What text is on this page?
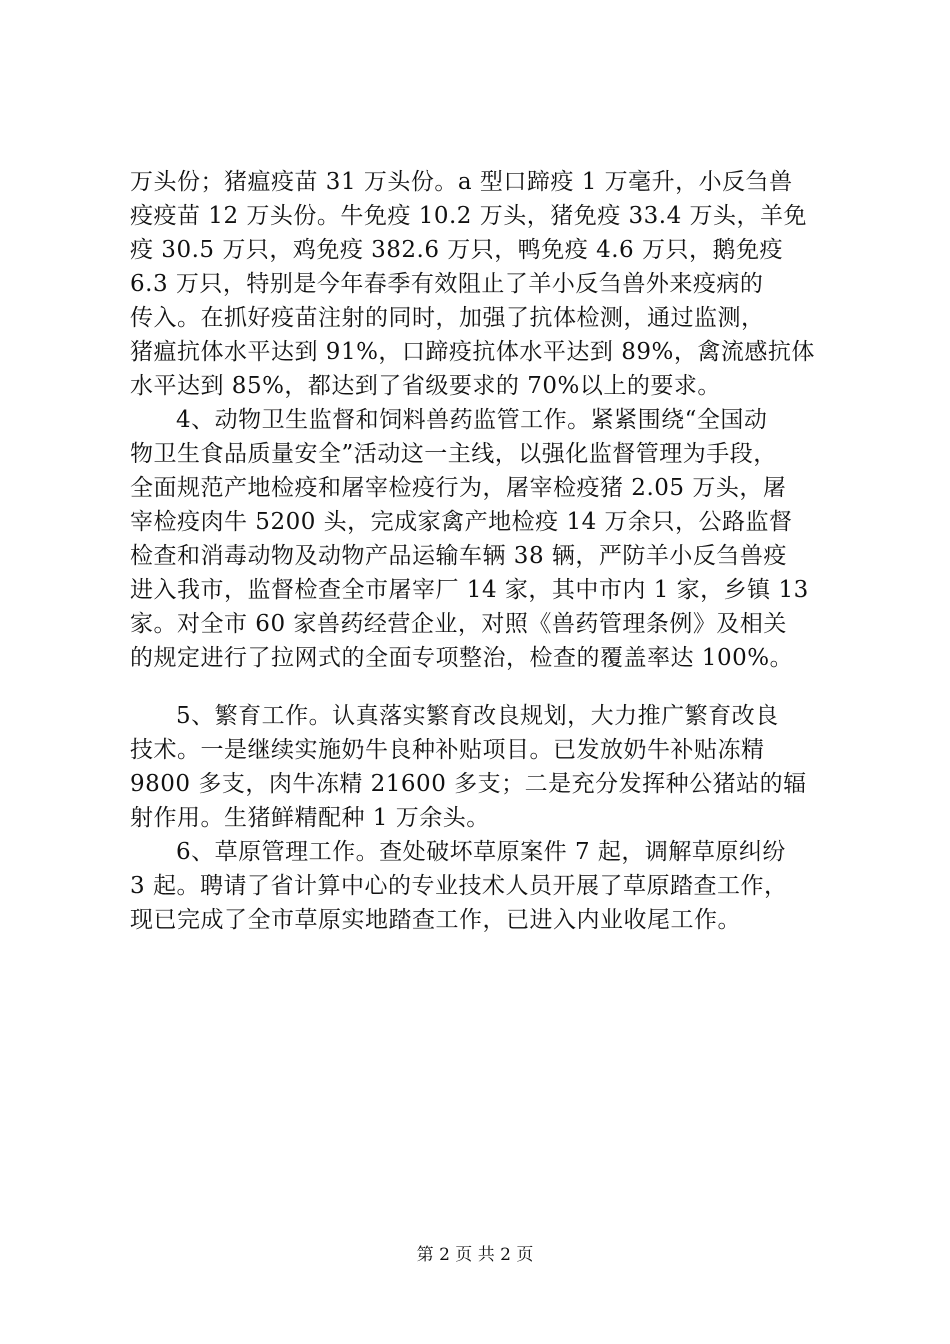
万头份；猪瘟疫苗 31 万头份。a 型口蹄疫 1 万毫升，小反刍兽
疫疫苗 12 万头份。牛免疫 10.2 万头，猪免疫 33.4 万头，羊免
疫 30.5 万只，鸡免疫 382.6 万只，鸭免疫 4.6 万只，鹅免疫
6.3 万只，特别是今年春季有效阻止了羊小反刍兽外来疫病的
传入。在抓好疫苗注射的同时，加强了抗体检测，通过监测，
猪瘟抗体水平达到 91%，口蹄疫抗体水平达到 89%，禽流感抗体
水平达到 85%，都达到了省级要求的 70%以上的要求。
4、动物卫生监督和饲料兽药监管工作。紧紧围绕“全国动
物卫生食品质量安全”活动这一主线，以强化监督管理为手段，
全面规范产地检疫和屠宰检疫行为，屠宰检疫猪 2.05 万头，屠
宰检疫肉牛 5200 头，完成家禽产地检疫 14 万余只，公路监督
检查和消毒动物及动物产品运输车辆 38 辆，严防羊小反刍兽疫
进入我市，监督检查全市屠宰厂 14 家，其中市内 1 家，乡镇 13
家。对全市 60 家兽药经营企业，对照《兽药管理条例》及相关
的规定进行了拉网式的全面专项整治，检查的覆盖率达 100%。
5、繁育工作。认真落实繁育改良规划，大力推广繁育改良
技术。一是继续实施奶牛良种补贴项目。已发放奶牛补贴冻精
9800 多支，肉牛冻精 21600 多支；二是充分发挥种公猪站的辐
射作用。生猪鲜精配种 1 万余头。
6、草原管理工作。查处破坏草原案件 7 起，调解草原纠纷
3 起。聘请了省计算中心的专业技术人员开展了草原踏查工作，
现已完成了全市草原实地踏查工作，已进入内业收尾工作。
第 2 页 共 2 页
